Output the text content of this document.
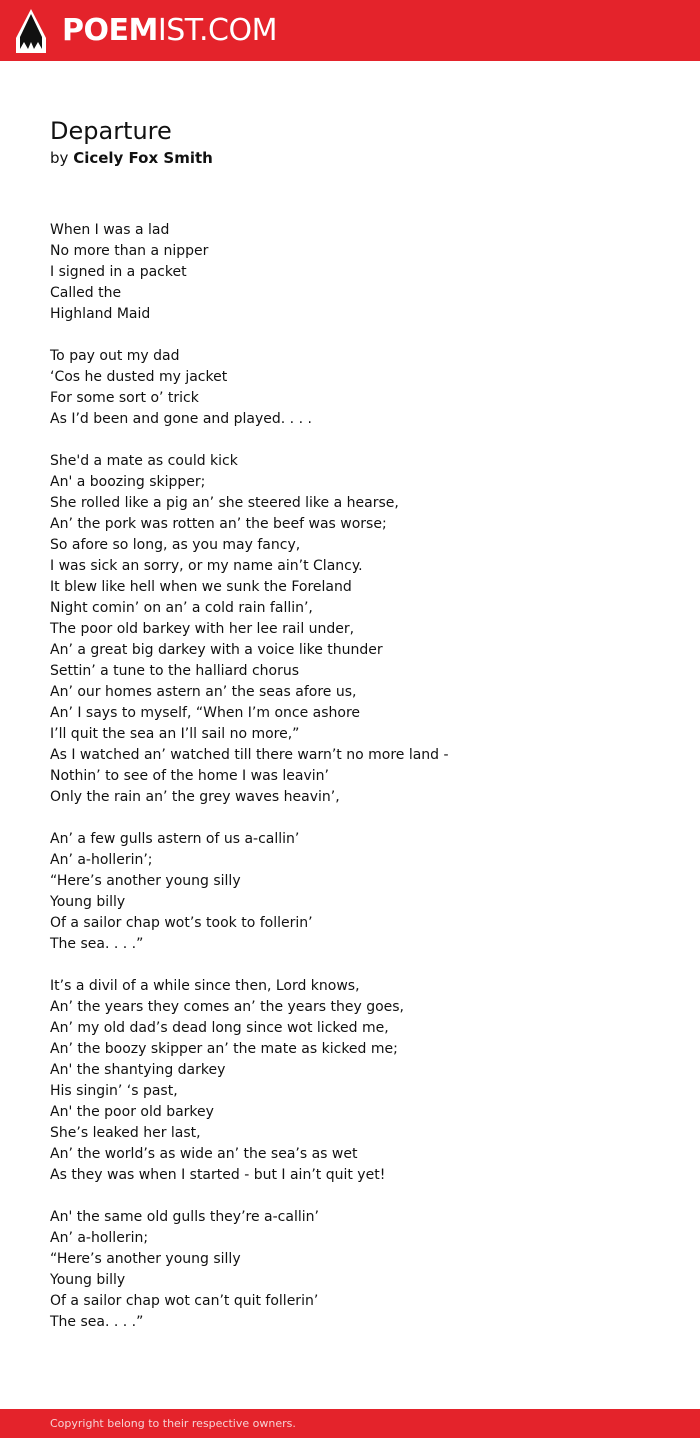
POEMIST.COM
Departure
by Cicely Fox Smith

When I was a lad
No more than a nipper
I signed in a packet
Called the
Highland Maid

To pay out my dad
‘Cos he dusted my jacket
For some sort o’ trick
As I’d been and gone and played. . . .

She'd a mate as could kick
An' a boozing skipper;
She rolled like a pig an’ she steered like a hearse,
An’ the pork was rotten an’ the beef was worse;
So afore so long, as you may fancy,
I was sick an sorry, or my name ain’t Clancy.
It blew like hell when we sunk the Foreland
Night comin’ on an’ a cold rain fallin’,
The poor old barkey with her lee rail under,
An’ a great big darkey with a voice like thunder
Settin’ a tune to the halliard chorus
An’ our homes astern an’ the seas afore us,
An’ I says to myself, “When I’m once ashore
I’ll quit the sea an I’ll sail no more,”
As I watched an’ watched till there warn’t no more land -
Nothin’ to see of the home I was leavin’
Only the rain an’ the grey waves heavin’,

An’ a few gulls astern of us a-callin’
An’ a-hollerin’;
“Here’s another young silly
Young billy
Of a sailor chap wot’s took to follerin’
The sea. . . .”

It’s a divil of a while since then, Lord knows,
An’ the years they comes an’ the years they goes,
An’ my old dad’s dead long since wot licked me,
An’ the boozy skipper an’ the mate as kicked me;
An' the shantying darkey
His singin’ ‘s past,
An' the poor old barkey
She’s leaked her last,
An’ the world’s as wide an’ the sea’s as wet
As they was when I started - but I ain’t quit yet!

An' the same old gulls they’re a-callin’
An’ a-hollerin;
“Here’s another young silly
Young billy
Of a sailor chap wot can’t quit follerin’
The sea. . . .”

Copyright belong to their respective owners.
